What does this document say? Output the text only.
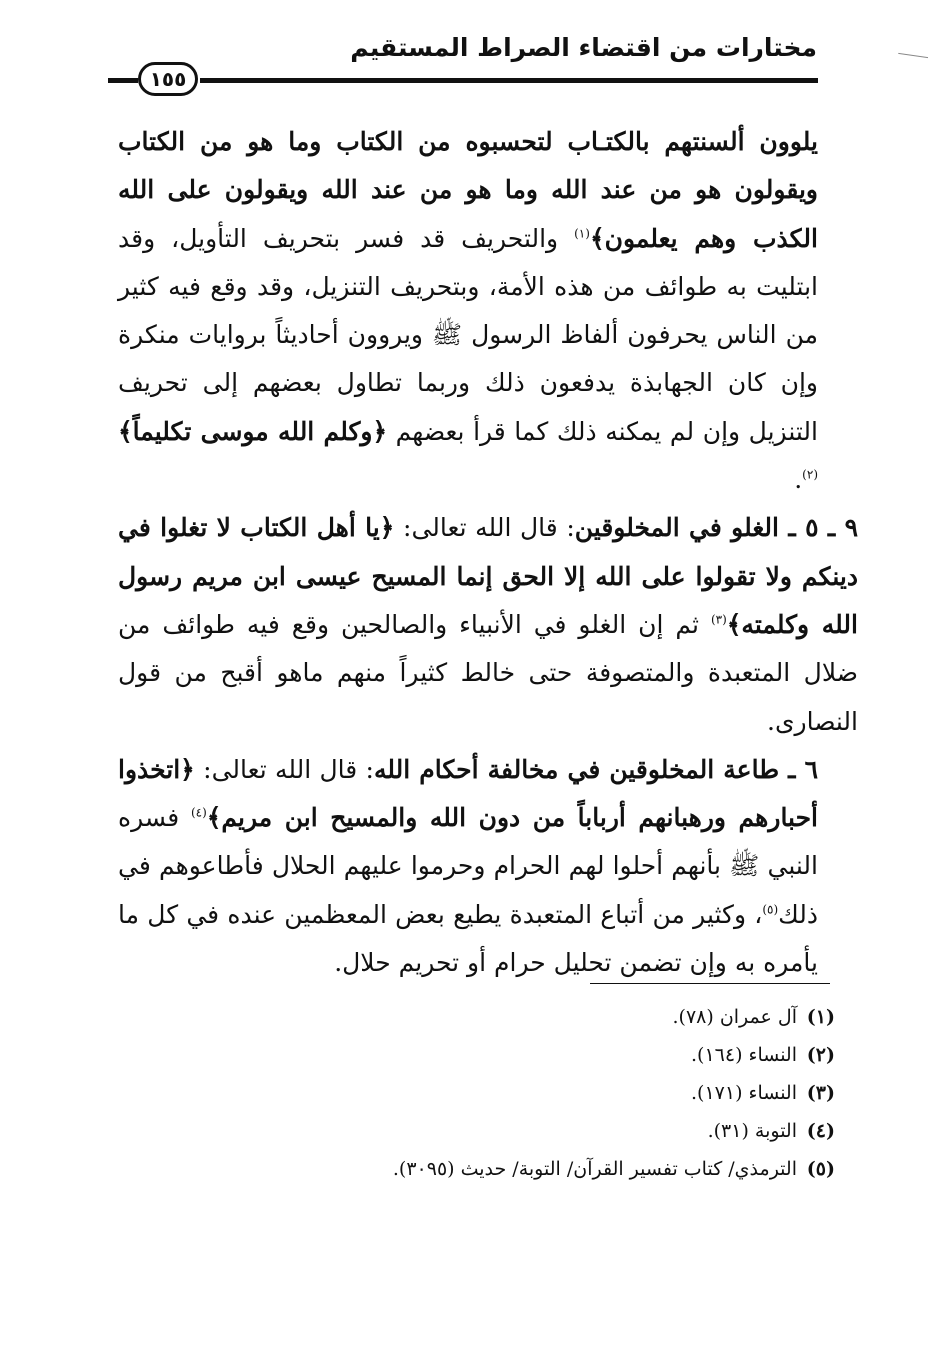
مختارات من اقتضاء الصراط المستقيم
١٥٥

يلوون ألسنتهم بالكتـاب لتحسبوه من الكتاب وما هو من الكتاب ويقولون هو من عند الله وما هو من عند الله ويقولون على الله الكذب وهم يعلمون﴾$^{(١)}$ والتحريف قد فسر بتحريف التأويل، وقد ابتليت به طوائف من هذه الأمة، وبتحريف التنزيل، وقد وقع فيه كثير من الناس يحرفون ألفاظ الرسول ﷺ ويروون أحاديثاً بروايات منكرة وإن كان الجهابذة يدفعون ذلك وربما تطاول بعضهم إلى تحريف التنزيل وإن لم يمكنه ذلك كما قرأ بعضهم ﴿وكلم الله موسى تكليماً﴾$^{(٢)}$.

٩ ـ ٥ ـ الغلو في المخلوقين: قال الله تعالى: ﴿يا أهل الكتاب لا تغلوا في دينكم ولا تقولوا على الله إلا الحق إنما المسيح عيسى ابن مريم رسول الله وكلمته﴾$^{(٣)}$ ثم إن الغلو في الأنبياء والصالحين وقع فيه طوائف من ضلال المتعبدة والمتصوفة حتى خالط كثيراً منهم ماهو أقبح من قول النصارى.

٦ ـ طاعة المخلوقين في مخالفة أحكام الله: قال الله تعالى: ﴿اتخذوا أحبارهم ورهبانهم أرباباً من دون الله والمسيح ابن مريم﴾$^{(٤)}$ فسره النبي ﷺ بأنهم أحلوا لهم الحرام وحرموا عليهم الحلال فأطاعوهم في ذلك$^{(٥)}$، وكثير من أتباع المتعبدة يطيع بعض المعظمين عنده في كل ما يأمره به وإن تضمن تحليل حرام أو تحريم حلال.

(١)آل عمران (٧٨).
(٢)النساء (١٦٤).
(٣)النساء (١٧١).
(٤)التوبة (٣١).
(٥)الترمذي/ كتاب تفسير القرآن/ التوبة/ حديث (٣٠٩٥).
